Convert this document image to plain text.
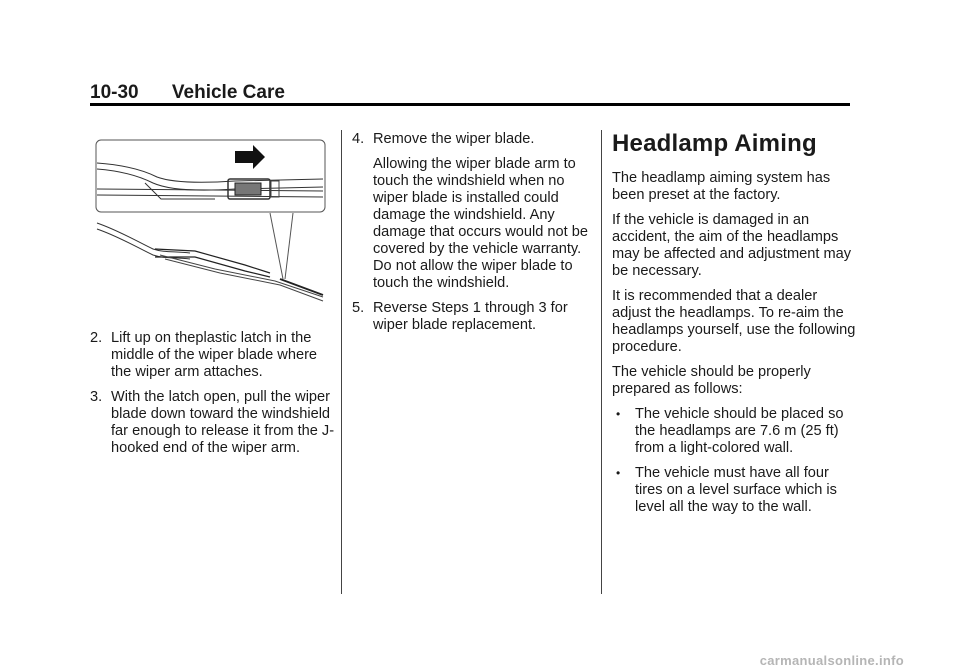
10-30 Vehicle Care
2. Lift up on theplastic latch in the middle of the wiper blade where the wiper arm attaches.

3. With the latch open, pull the wiper blade down toward the windshield far enough to release it from the J-hooked end of the wiper arm.

4. Remove the wiper blade.

Allowing the wiper blade arm to touch the windshield when no wiper blade is installed could damage the windshield. Any damage that occurs would not be covered by the vehicle warranty. Do not allow the wiper blade to touch the windshield.

5. Reverse Steps 1 through 3 for wiper blade replacement.

Headlamp Aiming

The headlamp aiming system has been preset at the factory.

If the vehicle is damaged in an accident, the aim of the headlamps may be affected and adjustment may be necessary.

It is recommended that a dealer adjust the headlamps. To re-aim the headlamps yourself, use the following procedure.

The vehicle should be properly prepared as follows:

• The vehicle should be placed so the headlamps are 7.6 m (25 ft) from a light-colored wall.
• The vehicle must have all four tires on a level surface which is level all the way to the wall.
carmanualsonline.info
